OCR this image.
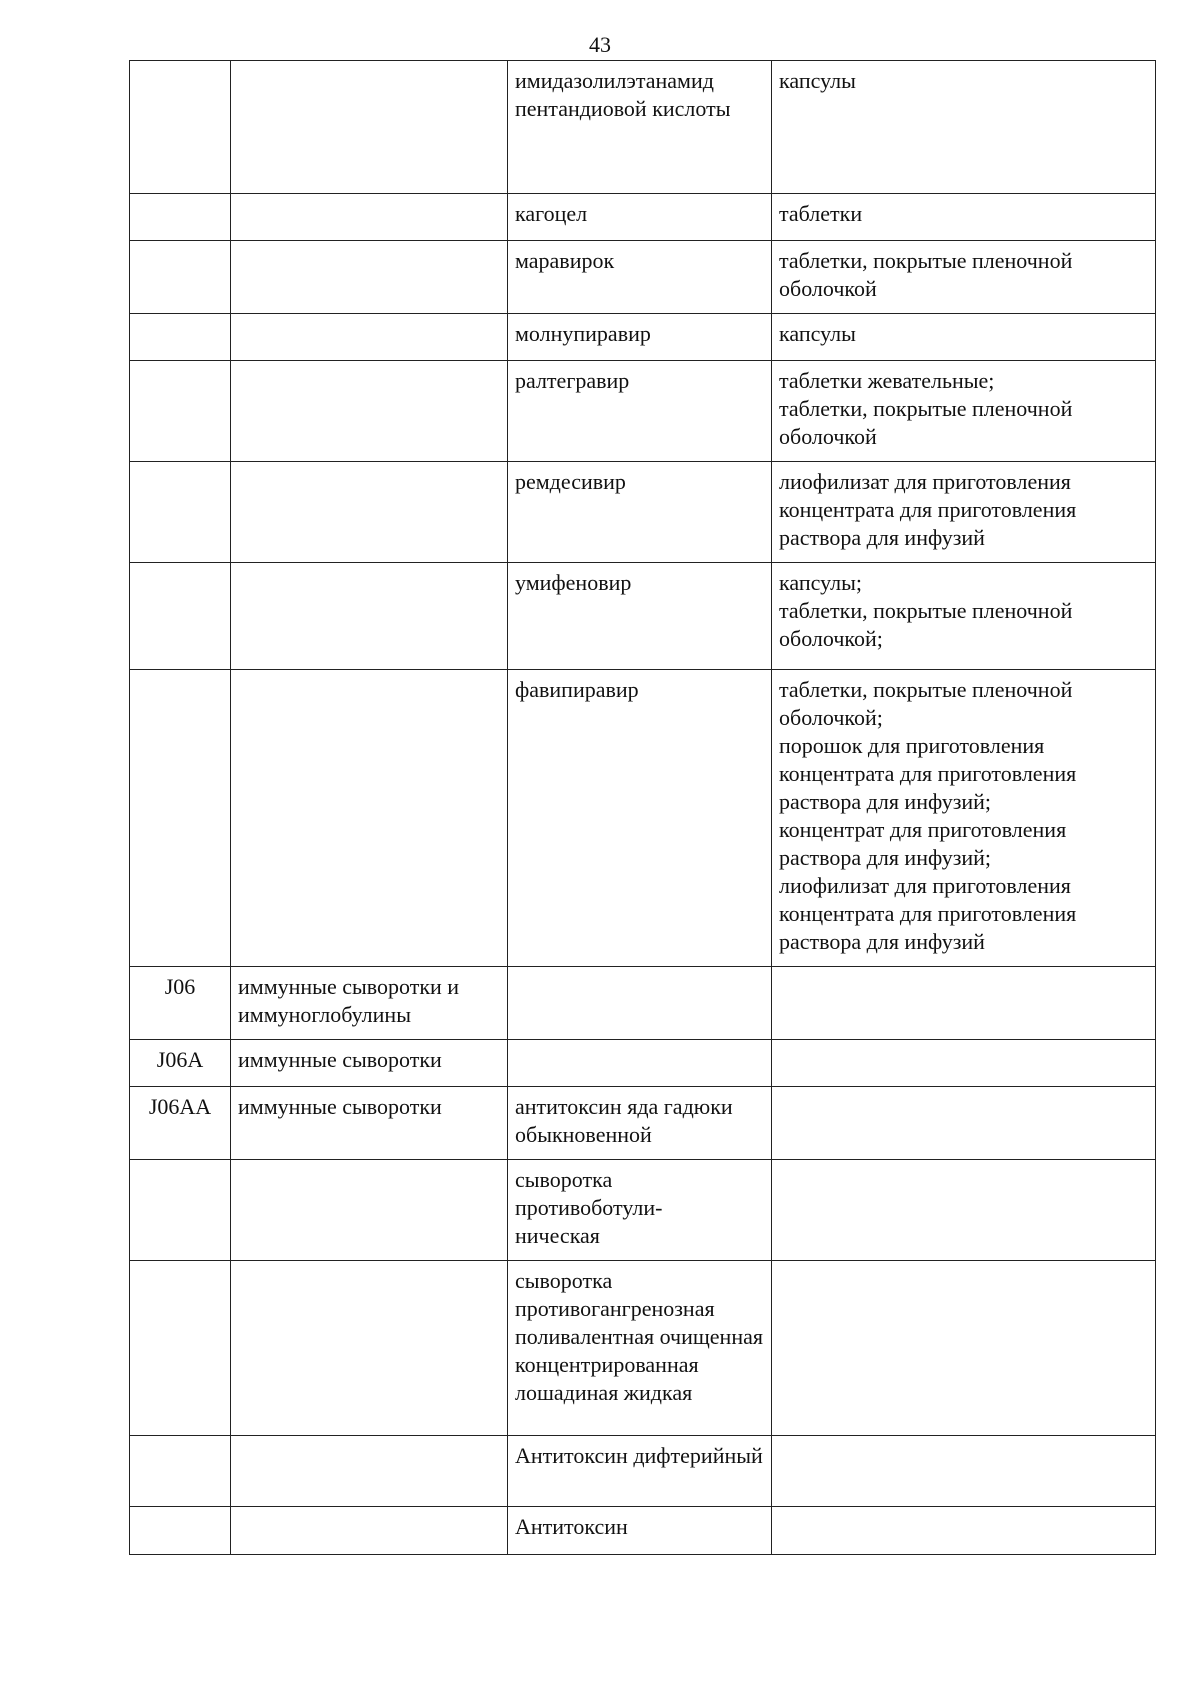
43
		имидазолилэтанамид пентандиовой кислоты	капсулы
		кагоцел	таблетки
		маравирок	таблетки, покрытые пленочной оболочкой
		молнупиравир	капсулы
		ралтегравир	таблетки жевательные;
таблетки, покрытые пленочной оболочкой
		ремдесивир	лиофилизат для приготовления концентрата для приготовления раствора для инфузий
		умифеновир	капсулы;
таблетки, покрытые пленочной оболочкой;
		фавипиравир	таблетки, покрытые пленочной оболочкой;
порошок для приготовления концентрата для приготовления раствора для инфузий;
концентрат для приготовления раствора для инфузий;
лиофилизат для приготовления концентрата для приготовления раствора для инфузий
J06	иммунные сыворотки и иммуноглобулины		
J06A	иммунные сыворотки		
J06AA	иммунные сыворотки	антитоксин яда гадюки обыкновенной	
		сыворотка противоботули-
ническая	
		сыворотка противогангренозная поливалентная очищенная концентрированная лошадиная жидкая	
		Антитоксин дифтерийный	
		Антитоксин	
